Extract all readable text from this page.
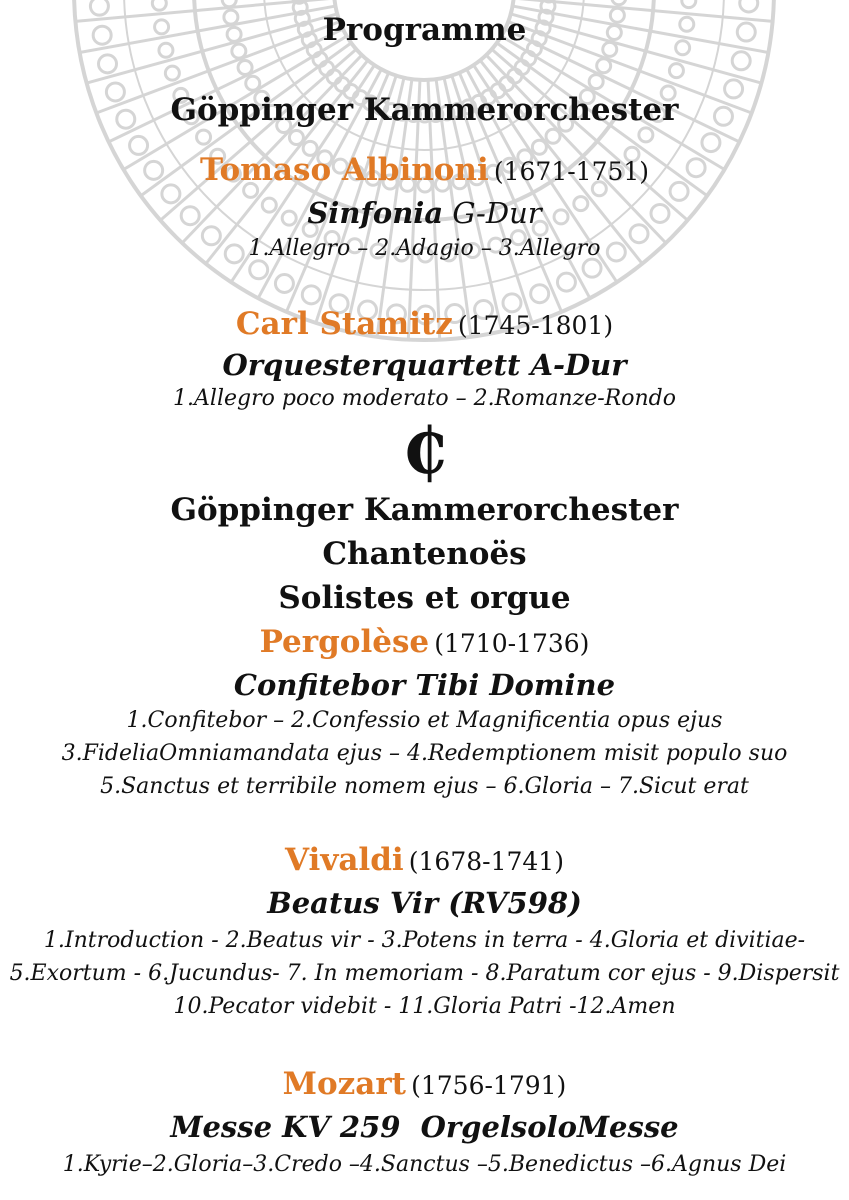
Programme
Göppinger Kammerorchester
Tomaso Albinoni (1671-1751)
Sinfonia G-Dur
1.Allegro – 2.Adagio – 3.Allegro
Carl Stamitz (1745-1801)
Orquesterquartett A-Dur
1.Allegro poco moderato – 2.Romanze-Rondo
₵
Göppinger Kammerorchester
Chantenoës
Solistes et orgue
Pergolèse (1710-1736)
Confitebor Tibi Domine
1.Confitebor – 2.Confessio et Magnificentia opus ejus
3.FideliaOmniamandata ejus – 4.Redemptionem misit populo suo
5.Sanctus et terribile nomem ejus – 6.Gloria – 7.Sicut erat
Vivaldi (1678-1741)
Beatus Vir (RV598)
1.Introduction - 2.Beatus vir - 3.Potens in terra - 4.Gloria et divitiae-
5.Exortum - 6.Jucundus- 7. In memoriam - 8.Paratum cor ejus - 9.Dispersit
10.Pecator videbit - 11.Gloria Patri -12.Amen
Mozart (1756-1791)
Messe KV 259  OrgelsoloMesse
1.Kyrie–2.Gloria–3.Credo –4.Sanctus –5.Benedictus –6.Agnus Dei
